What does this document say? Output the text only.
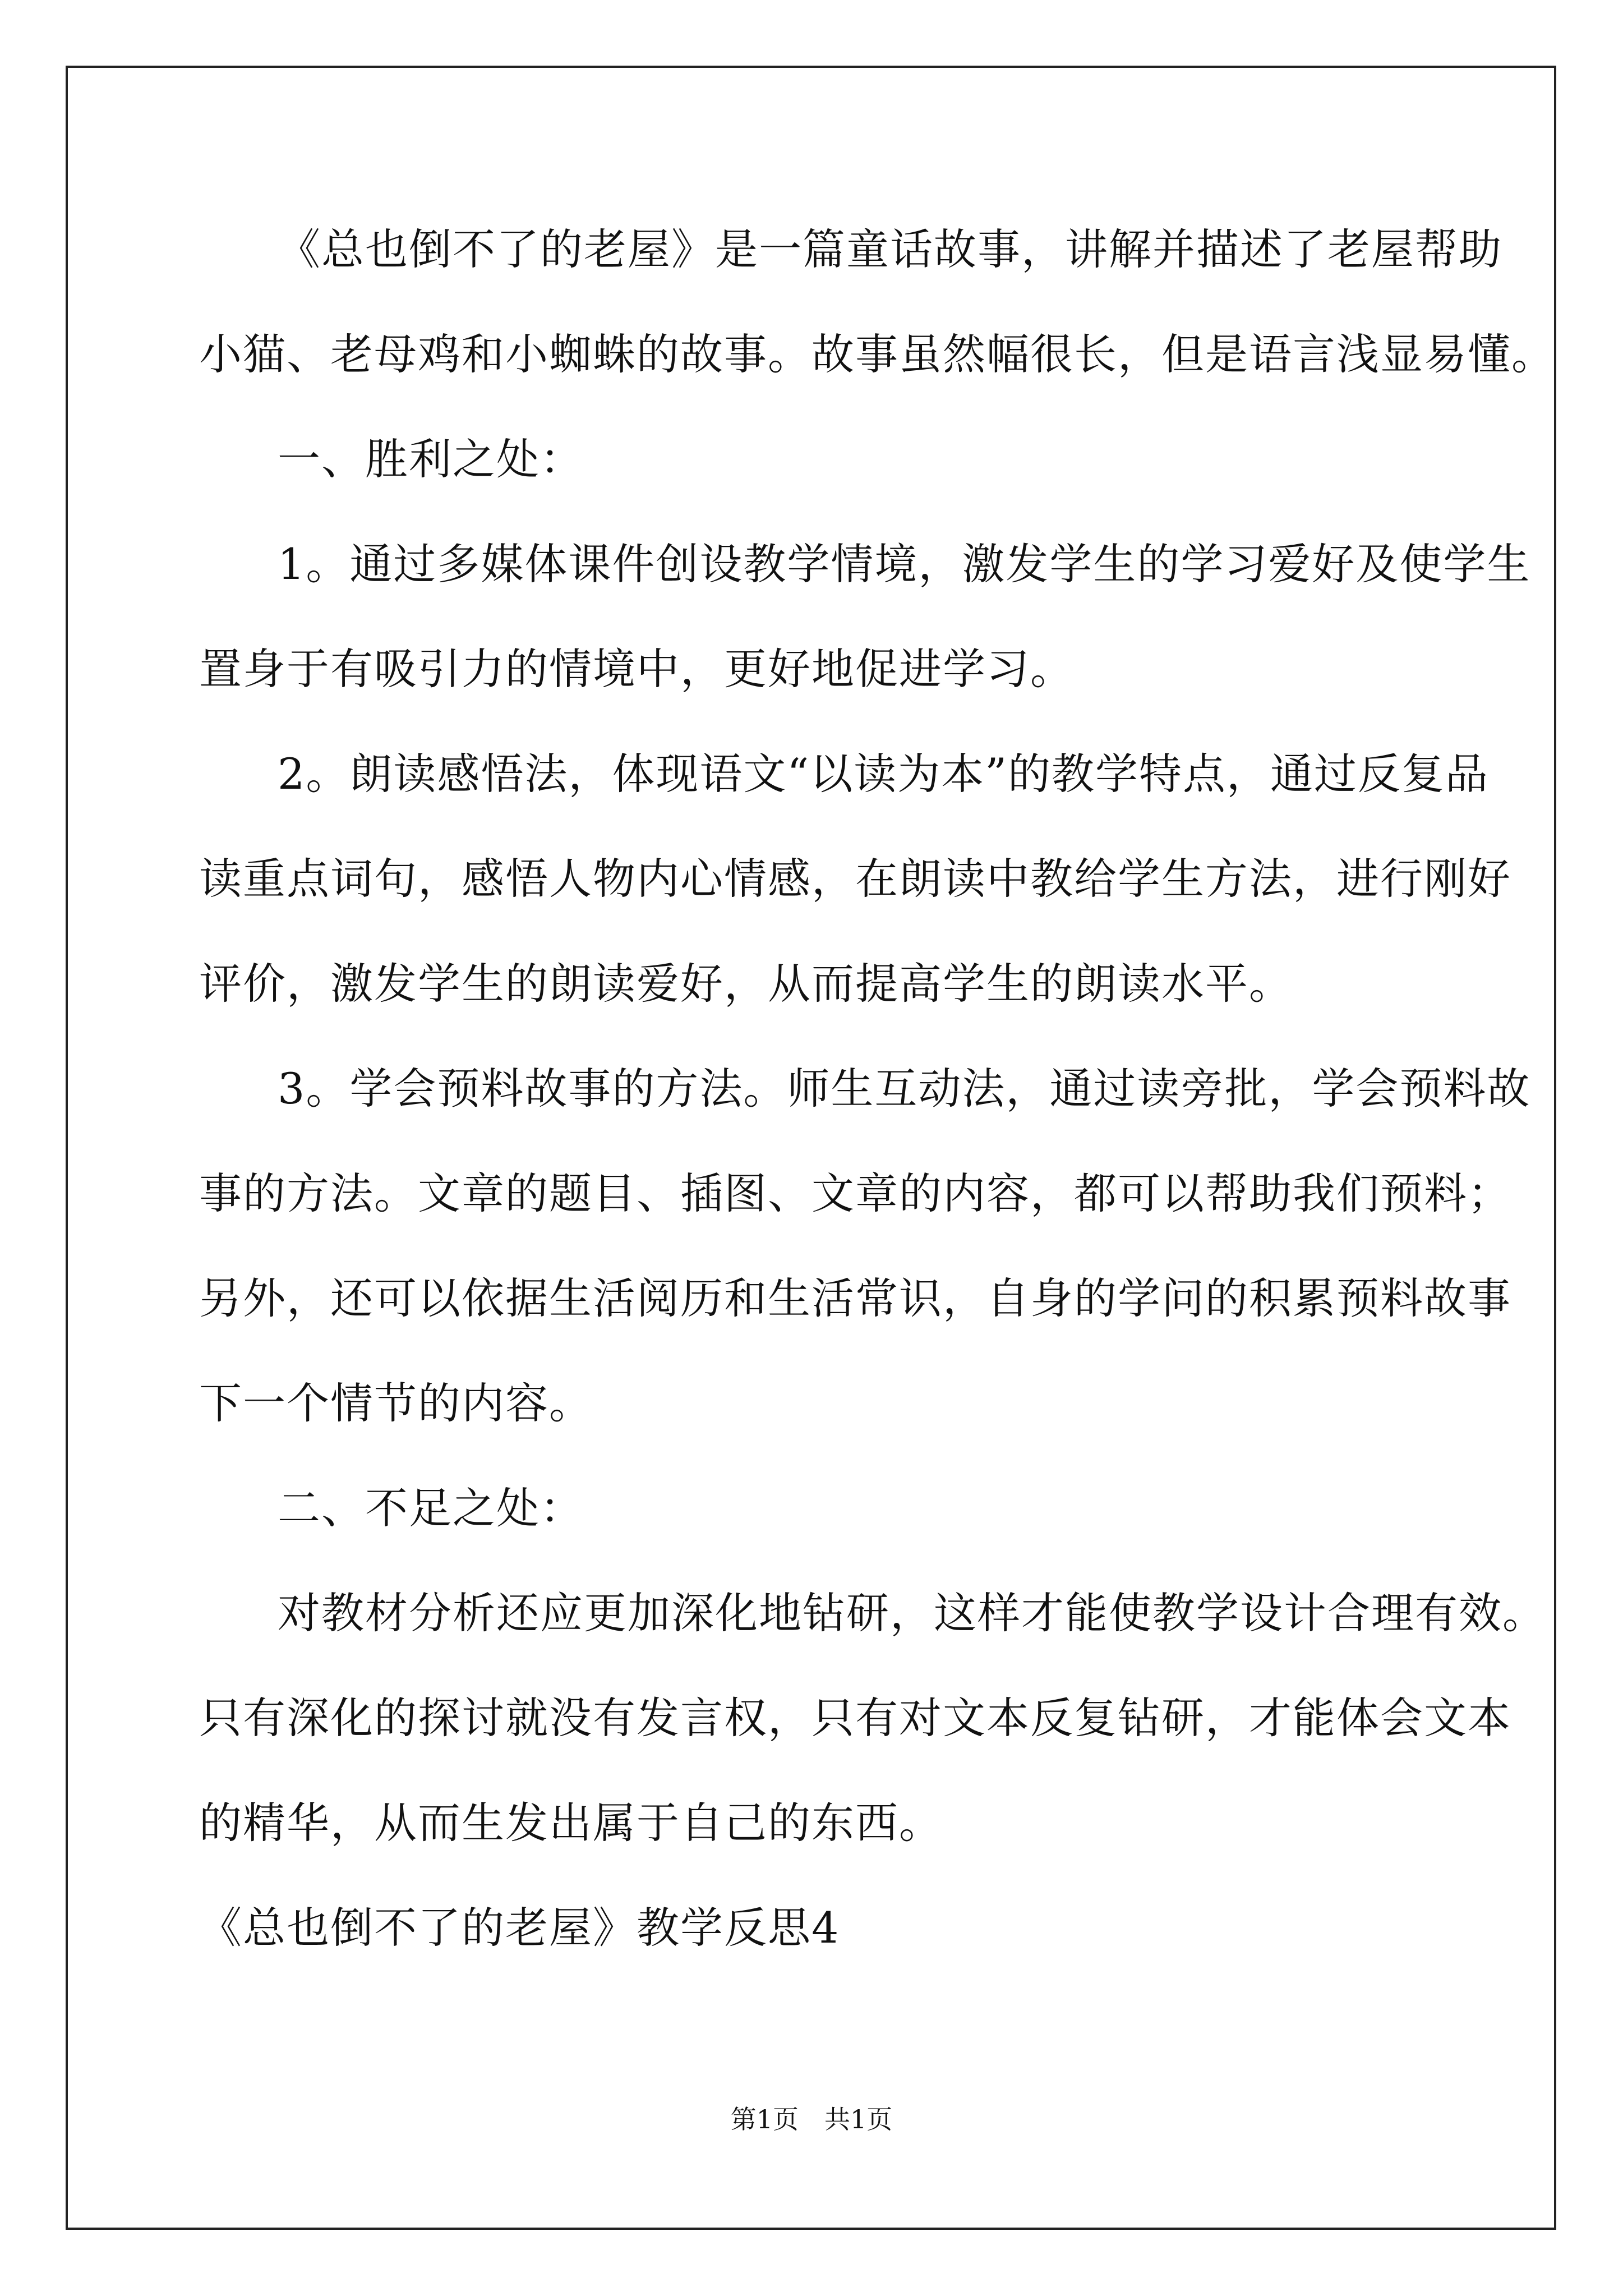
《总也倒不了的老屋》是一篇童话故事，讲解并描述了老屋帮助
小猫、老母鸡和小蜘蛛的故事。故事虽然幅很长，但是语言浅显易懂。
一、胜利之处：
1。通过多媒体课件创设教学情境，激发学生的学习爱好及使学生
置身于有吸引力的情境中，更好地促进学习。
2。朗读感悟法，体现语文“以读为本”的教学特点，通过反复品
读重点词句，感悟人物内心情感，在朗读中教给学生方法，进行刚好
评价，激发学生的朗读爱好，从而提高学生的朗读水平。
3。学会预料故事的方法。师生互动法，通过读旁批，学会预料故
事的方法。文章的题目、插图、文章的内容，都可以帮助我们预料；
另外，还可以依据生活阅历和生活常识，自身的学问的积累预料故事
下一个情节的内容。
二、不足之处：
对教材分析还应更加深化地钻研，这样才能使教学设计合理有效。
只有深化的探讨就没有发言权，只有对文本反复钻研，才能体会文本
的精华，从而生发出属于自己的东西。
《总也倒不了的老屋》教学反思4
第1页　共1页
